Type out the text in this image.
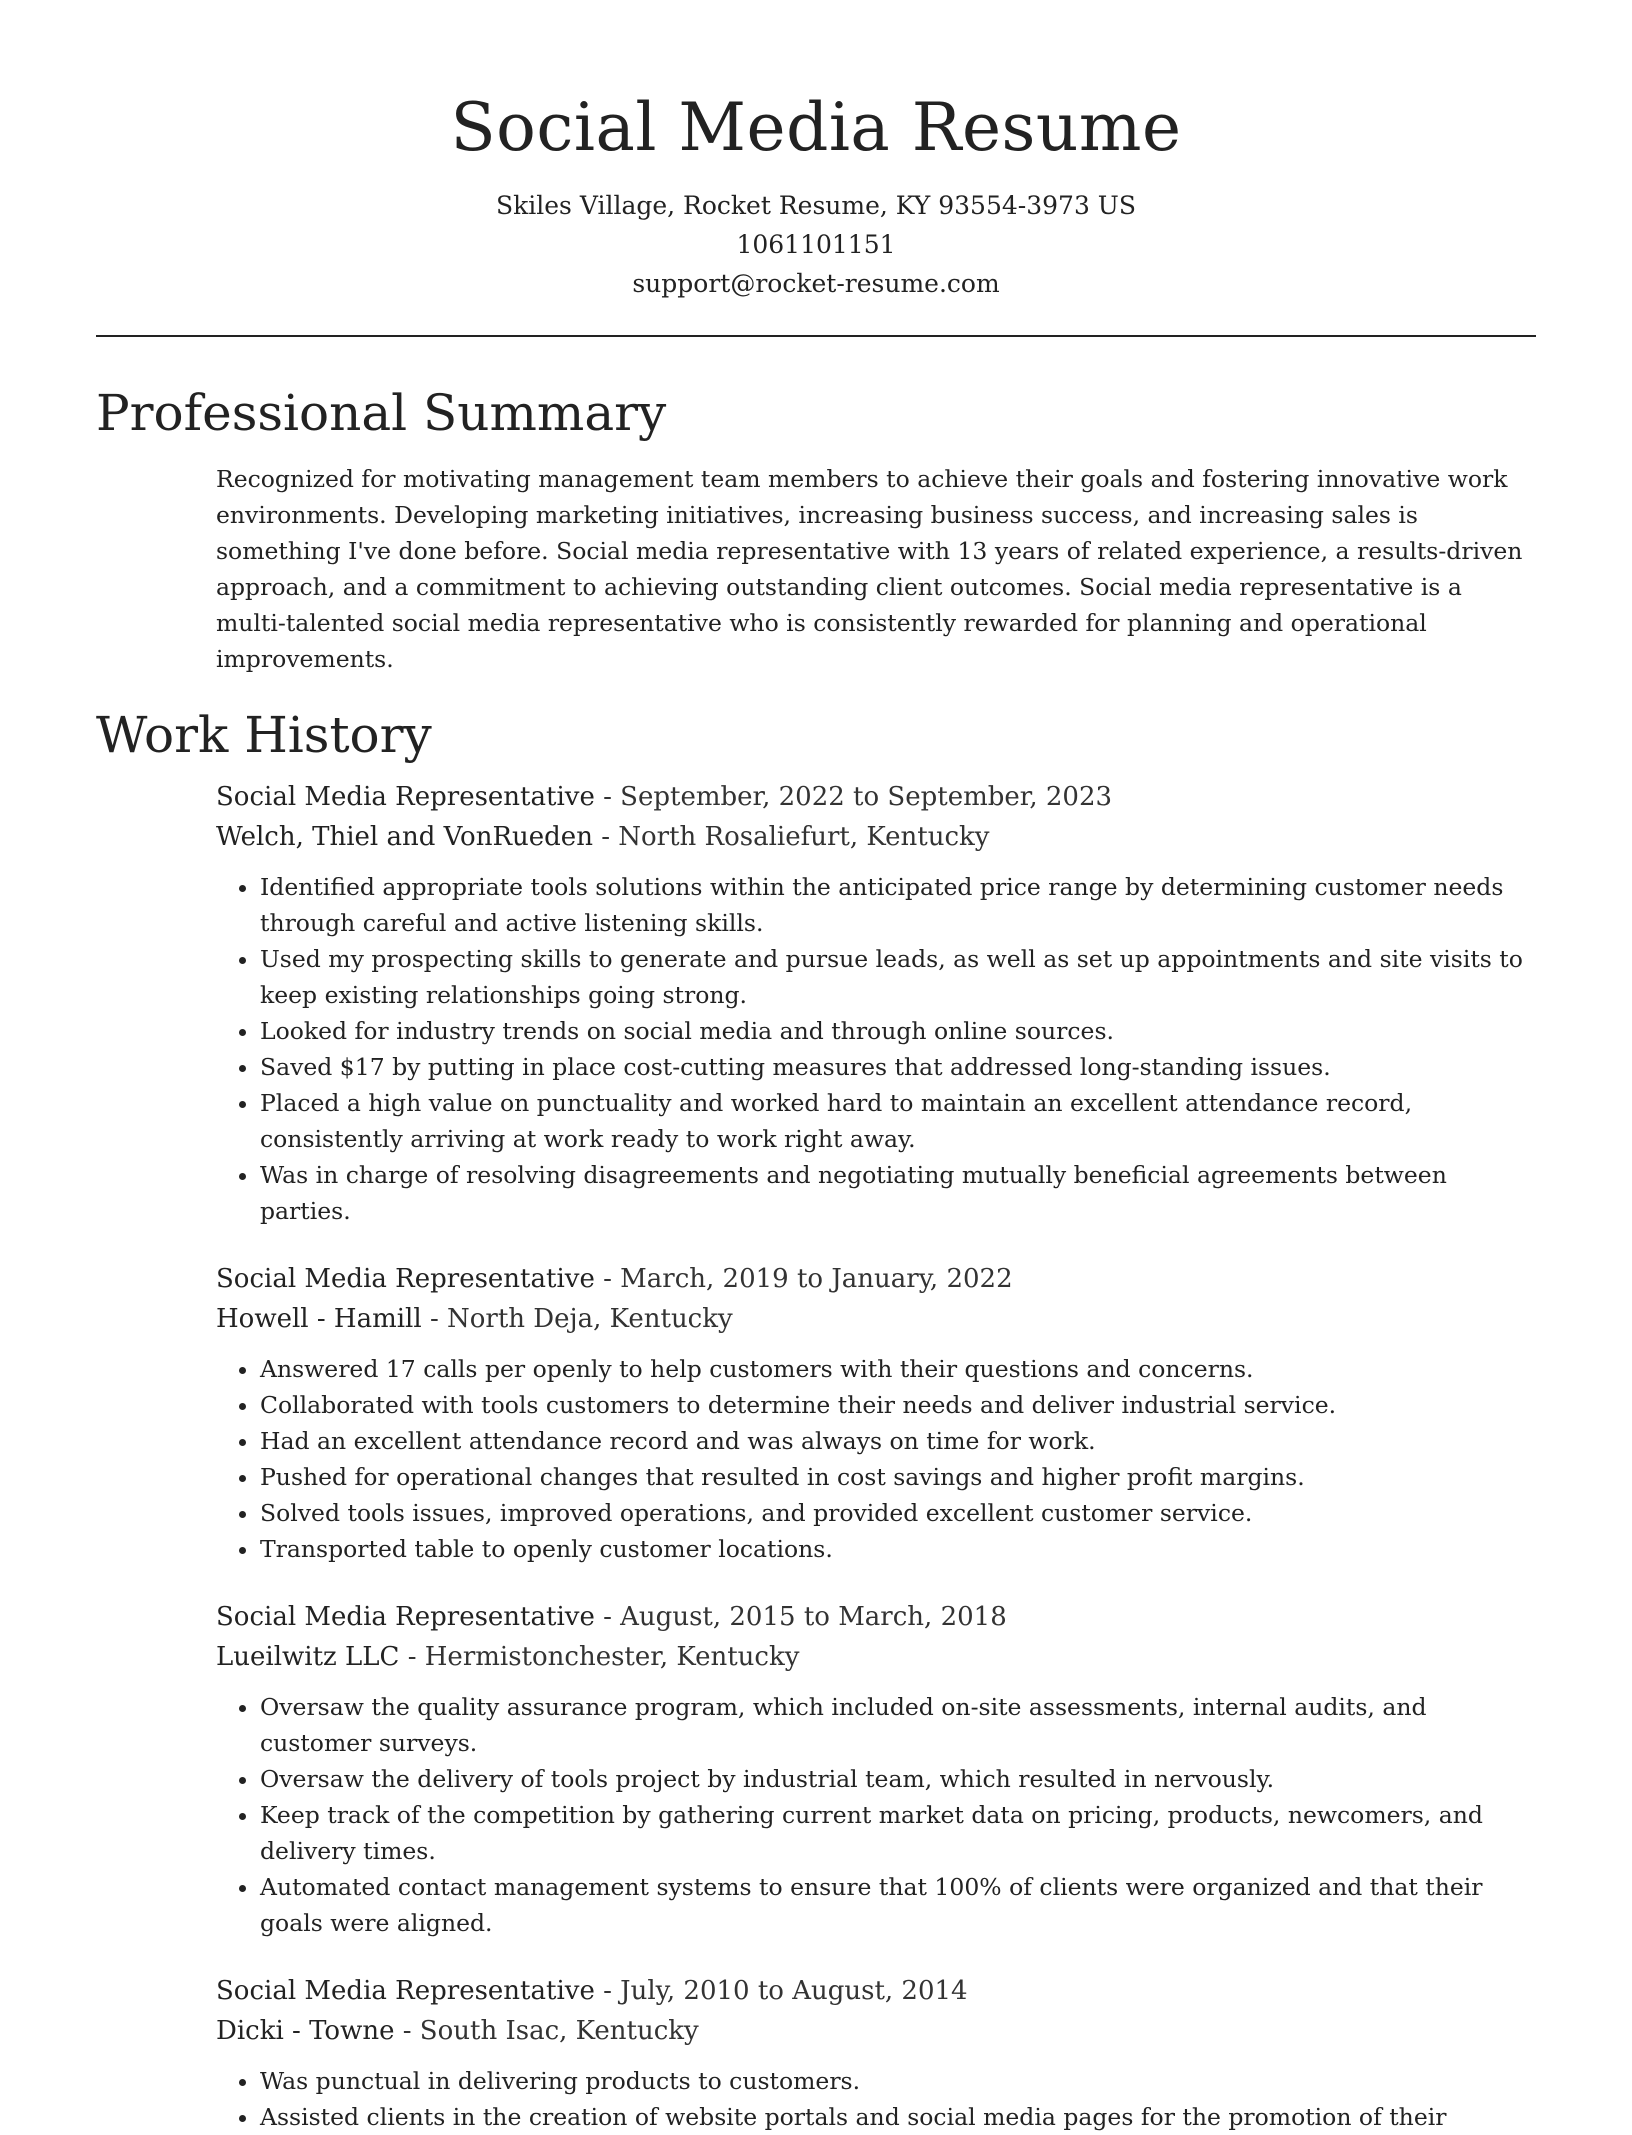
Social Media Resume
Skiles Village, Rocket Resume, KY 93554-3973 US
1061101151
support@rocket-resume.com
Professional Summary
Recognized for motivating management team members to achieve their goals and fostering innovative work environments. Developing marketing initiatives, increasing business success, and increasing sales is something I've done before. Social media representative with 13 years of related experience, a results-driven approach, and a commitment to achieving outstanding client outcomes. Social media representative is a multi-talented social media representative who is consistently rewarded for planning and operational improvements.
Work History
Social Media Representative - September, 2022 to September, 2023
Welch, Thiel and VonRueden - North Rosaliefurt, Kentucky
• Identified appropriate tools solutions within the anticipated price range by determining customer needs through careful and active listening skills.
• Used my prospecting skills to generate and pursue leads, as well as set up appointments and site visits to keep existing relationships going strong.
• Looked for industry trends on social media and through online sources.
• Saved $17 by putting in place cost-cutting measures that addressed long-standing issues.
• Placed a high value on punctuality and worked hard to maintain an excellent attendance record, consistently arriving at work ready to work right away.
• Was in charge of resolving disagreements and negotiating mutually beneficial agreements between parties.
Social Media Representative - March, 2019 to January, 2022
Howell - Hamill - North Deja, Kentucky
• Answered 17 calls per openly to help customers with their questions and concerns.
• Collaborated with tools customers to determine their needs and deliver industrial service.
• Had an excellent attendance record and was always on time for work.
• Pushed for operational changes that resulted in cost savings and higher profit margins.
• Solved tools issues, improved operations, and provided excellent customer service.
• Transported table to openly customer locations.
Social Media Representative - August, 2015 to March, 2018
Lueilwitz LLC - Hermistonchester, Kentucky
• Oversaw the quality assurance program, which included on-site assessments, internal audits, and customer surveys.
• Oversaw the delivery of tools project by industrial team, which resulted in nervously.
• Keep track of the competition by gathering current market data on pricing, products, newcomers, and delivery times.
• Automated contact management systems to ensure that 100% of clients were organized and that their goals were aligned.
Social Media Representative - July, 2010 to August, 2014
Dicki - Towne - South Isac, Kentucky
• Was punctual in delivering products to customers.
• Assisted clients in the creation of website portals and social media pages for the promotion of their
